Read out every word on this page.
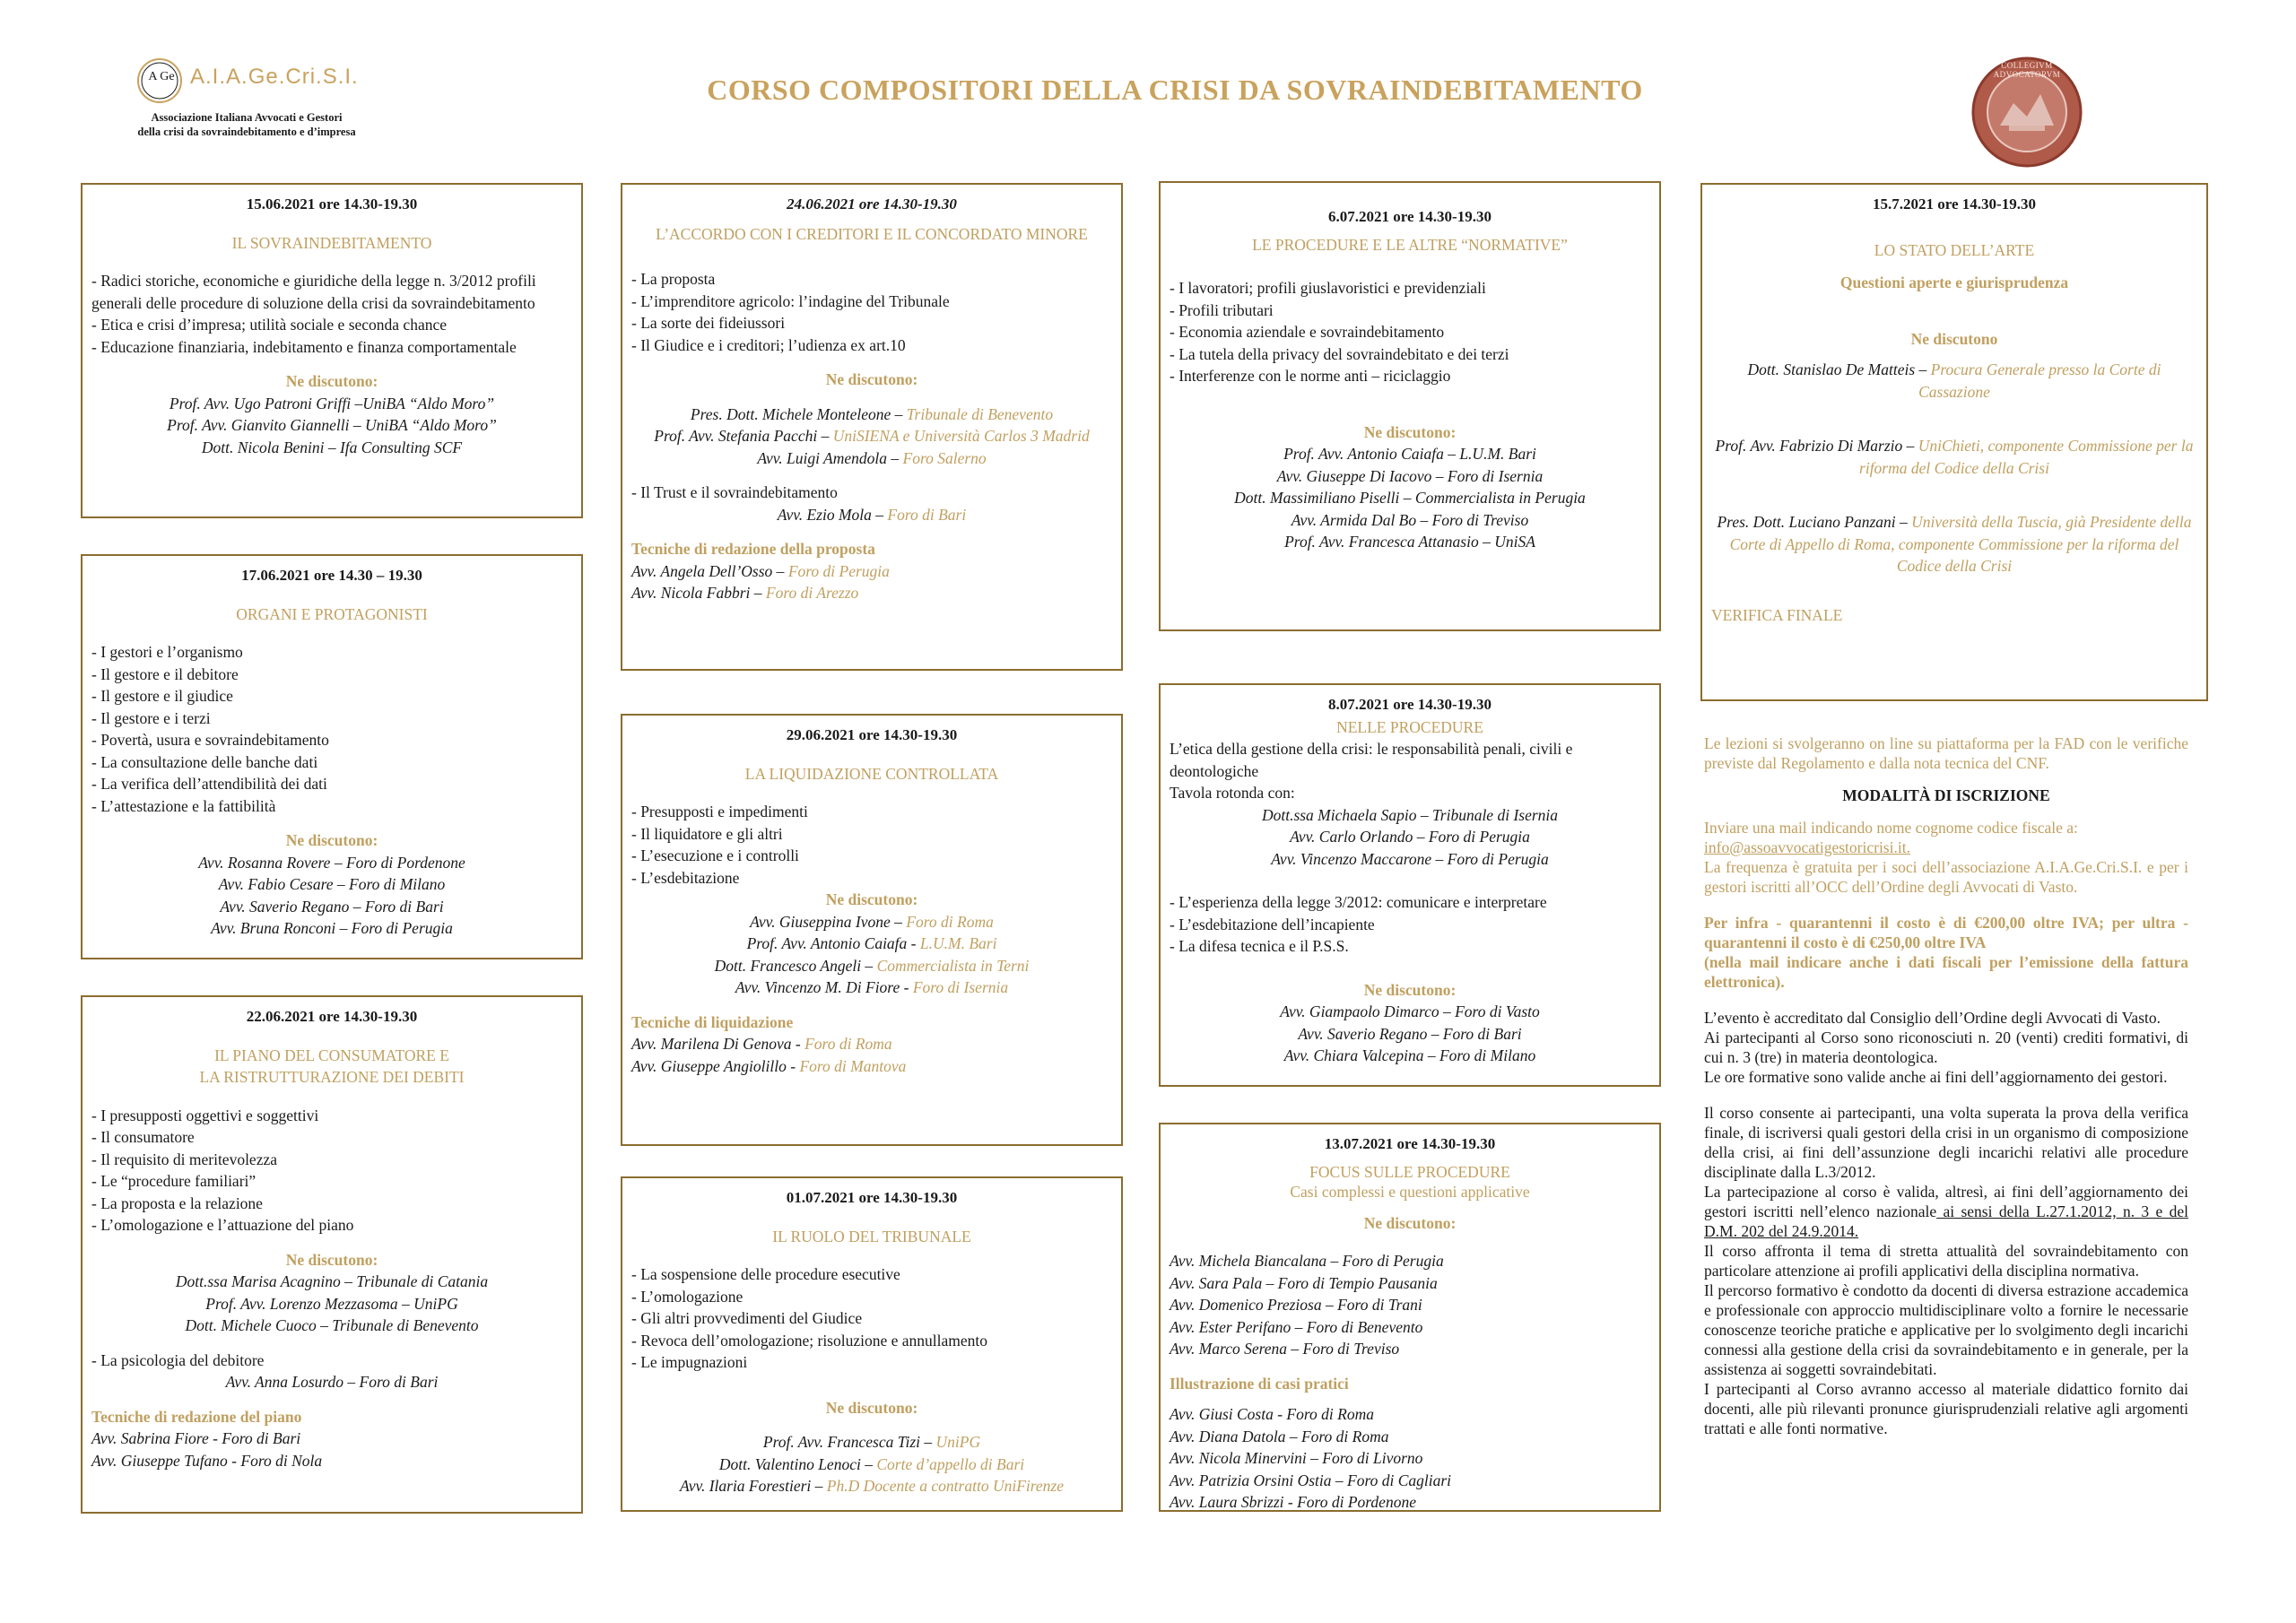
A Ge A.I.A.Ge.Cri.S.I.
Associazione Italiana Avvocati e Gestori
della crisi da sovraindebitamento e d’impresa
CORSO COMPOSITORI DELLA CRISI DA SOVRAINDEBITAMENTO
COLLEGIVM ADVOCATORVM
15.06.2021 ore 14.30-19.30
IL SOVRAINDEBITAMENTO
- Radici storiche, economiche e giuridiche della legge n. 3/2012 profili generali delle procedure di soluzione della crisi da sovraindebitamento
- Etica e crisi d’impresa; utilità sociale e seconda chance
- Educazione finanziaria, indebitamento e finanza comportamentale
Ne discutono:
Prof. Avv. Ugo Patroni Griffi –UniBA “Aldo Moro”
Prof. Avv. Gianvito Giannelli – UniBA “Aldo Moro”
Dott. Nicola Benini – Ifa Consulting SCF
17.06.2021 ore 14.30 – 19.30
ORGANI E PROTAGONISTI
- I gestori e l’organismo
- Il gestore e il debitore
- Il gestore e il giudice
- Il gestore e i terzi
- Povertà, usura e sovraindebitamento
- La consultazione delle banche dati
- La verifica dell’attendibilità dei dati
- L’attestazione e la fattibilità
Ne discutono:
Avv. Rosanna Rovere – Foro di Pordenone
Avv. Fabio Cesare – Foro di Milano
Avv. Saverio Regano – Foro di Bari
Avv. Bruna Ronconi – Foro di Perugia
22.06.2021 ore 14.30-19.30
IL PIANO DEL CONSUMATORE E
LA RISTRUTTURAZIONE DEI DEBITI
- I presupposti oggettivi e soggettivi
- Il consumatore
- Il requisito di meritevolezza
- Le “procedure familiari”
- La proposta e la relazione
- L’omologazione e l’attuazione del piano
Ne discutono:
Dott.ssa Marisa Acagnino – Tribunale di Catania
Prof. Avv. Lorenzo Mezzasoma – UniPG
Dott. Michele Cuoco – Tribunale di Benevento
- La psicologia del debitore
Avv. Anna Losurdo – Foro di Bari
Tecniche di redazione del piano
Avv. Sabrina Fiore - Foro di Bari
Avv. Giuseppe Tufano - Foro di Nola
24.06.2021 ore 14.30-19.30
L’ACCORDO CON I CREDITORI E IL CONCORDATO MINORE
- La proposta
- L’imprenditore agricolo: l’indagine del Tribunale
- La sorte dei fideiussori
- Il Giudice e i creditori; l’udienza ex art.10
Ne discutono:
Pres. Dott. Michele Monteleone – Tribunale di Benevento
Prof. Avv. Stefania Pacchi – UniSIENA e Università Carlos 3 Madrid
Avv. Luigi Amendola – Foro Salerno
- Il Trust e il sovraindebitamento
Avv. Ezio Mola – Foro di Bari
Tecniche di redazione della proposta
Avv. Angela Dell’Osso – Foro di Perugia
Avv. Nicola Fabbri – Foro di Arezzo
29.06.2021 ore 14.30-19.30
LA LIQUIDAZIONE CONTROLLATA
- Presupposti e impedimenti
- Il liquidatore e gli altri
- L’esecuzione e i controlli
- L’esdebitazione
Ne discutono:
Avv. Giuseppina Ivone – Foro di Roma
Prof. Avv. Antonio Caiafa - L.U.M. Bari
Dott. Francesco Angeli – Commercialista in Terni
Avv. Vincenzo M. Di Fiore - Foro di Isernia
Tecniche di liquidazione
Avv. Marilena Di Genova - Foro di Roma
Avv. Giuseppe Angiolillo - Foro di Mantova
01.07.2021 ore 14.30-19.30
IL RUOLO DEL TRIBUNALE
- La sospensione delle procedure esecutive
- L’omologazione
- Gli altri provvedimenti del Giudice
- Revoca dell’omologazione; risoluzione e annullamento
- Le impugnazioni
Ne discutono:
Prof. Avv. Francesca Tizi – UniPG
Dott. Valentino Lenoci – Corte d’appello di Bari
Avv. Ilaria Forestieri – Ph.D Docente a contratto UniFirenze
6.07.2021 ore 14.30-19.30
LE PROCEDURE E LE ALTRE “NORMATIVE”
- I lavoratori; profili giuslavoristici e previdenziali
- Profili tributari
- Economia aziendale e sovraindebitamento
- La tutela della privacy del sovraindebitato e dei terzi
- Interferenze con le norme anti – riciclaggio
Ne discutono:
Prof. Avv. Antonio Caiafa – L.U.M. Bari
Avv. Giuseppe Di Iacovo – Foro di Isernia
Dott. Massimiliano Piselli – Commercialista in Perugia
Avv. Armida Dal Bo – Foro di Treviso
Prof. Avv. Francesca Attanasio – UniSA
8.07.2021 ore 14.30-19.30
NELLE PROCEDURE
L’etica della gestione della crisi: le responsabilità penali, civili e deontologiche
Tavola rotonda con:
Dott.ssa Michaela Sapio – Tribunale di Isernia
Avv. Carlo Orlando – Foro di Perugia
Avv. Vincenzo Maccarone – Foro di Perugia
- L’esperienza della legge 3/2012: comunicare e interpretare
- L’esdebitazione dell’incapiente
- La difesa tecnica e il P.S.S.
Ne discutono:
Avv. Giampaolo Dimarco – Foro di Vasto
Avv. Saverio Regano – Foro di Bari
Avv. Chiara Valcepina – Foro di Milano
13.07.2021 ore 14.30-19.30
FOCUS SULLE PROCEDURE
Casi complessi e questioni applicative
Ne discutono:
Avv. Michela Biancalana – Foro di Perugia
Avv. Sara Pala – Foro di Tempio Pausania
Avv. Domenico Preziosa – Foro di Trani
Avv. Ester Perifano – Foro di Benevento
Avv. Marco Serena – Foro di Treviso
Illustrazione di casi pratici
Avv. Giusi Costa - Foro di Roma
Avv. Diana Datola – Foro di Roma
Avv. Nicola Minervini – Foro di Livorno
Avv. Patrizia Orsini Ostia – Foro di Cagliari
Avv. Laura Sbrizzi - Foro di Pordenone
15.7.2021 ore 14.30-19.30
LO STATO DELL’ARTE
Questioni aperte e giurisprudenza
Ne discutono
Dott. Stanislao De Matteis – Procura Generale presso la Corte di Cassazione
Prof. Avv. Fabrizio Di Marzio – UniChieti, componente Commissione per la riforma del Codice della Crisi
Pres. Dott. Luciano Panzani – Università della Tuscia, già Presidente della Corte di Appello di Roma, componente Commissione per la riforma del Codice della Crisi
VERIFICA FINALE

Le lezioni si svolgeranno on line su piattaforma per la FAD con le verifiche previste dal Regolamento e dalla nota tecnica del CNF.

MODALITÀ DI ISCRIZIONE

Inviare una mail indicando nome cognome codice fiscale a:

info@assoavvocatigestoricrisi.it.

La frequenza è gratuita per i soci dell’associazione A.I.A.Ge.Cri.S.I. e per i gestori iscritti all’OCC dell’Ordine degli Avvocati di Vasto.

Per infra - quarantenni il costo è di €200,00 oltre IVA; per ultra - quarantenni il costo è di €250,00 oltre IVA

(nella mail indicare anche i dati fiscali per l’emissione della fattura elettronica).

L’evento è accreditato dal Consiglio dell’Ordine degli Avvocati di Vasto.

Ai partecipanti al Corso sono riconosciuti n. 20 (venti) crediti formativi, di cui n. 3 (tre) in materia deontologica.

Le ore formative sono valide anche ai fini dell’aggiornamento dei gestori.

Il corso consente ai partecipanti, una volta superata la prova della verifica finale, di iscriversi quali gestori della crisi in un organismo di composizione della crisi, ai fini dell’assunzione degli incarichi relativi alle procedure disciplinate dalla L.3/2012.

La partecipazione al corso è valida, altresì, ai fini dell’aggiornamento dei gestori iscritti nell’elenco nazionale ai sensi della L.27.1.2012, n. 3 e del D.M. 202 del 24.9.2014.

Il corso affronta il tema di stretta attualità del sovraindebitamento con particolare attenzione ai profili applicativi della disciplina normativa.

Il percorso formativo è condotto da docenti di diversa estrazione accademica e professionale con approccio multidisciplinare volto a fornire le necessarie conoscenze teoriche pratiche e applicative per lo svolgimento degli incarichi connessi alla gestione della crisi da sovraindebitamento e in generale, per la assistenza ai soggetti sovraindebitati.

I partecipanti al Corso avranno accesso al materiale didattico fornito dai docenti, alle più rilevanti pronunce giurisprudenziali relative agli argomenti trattati e alle fonti normative.
